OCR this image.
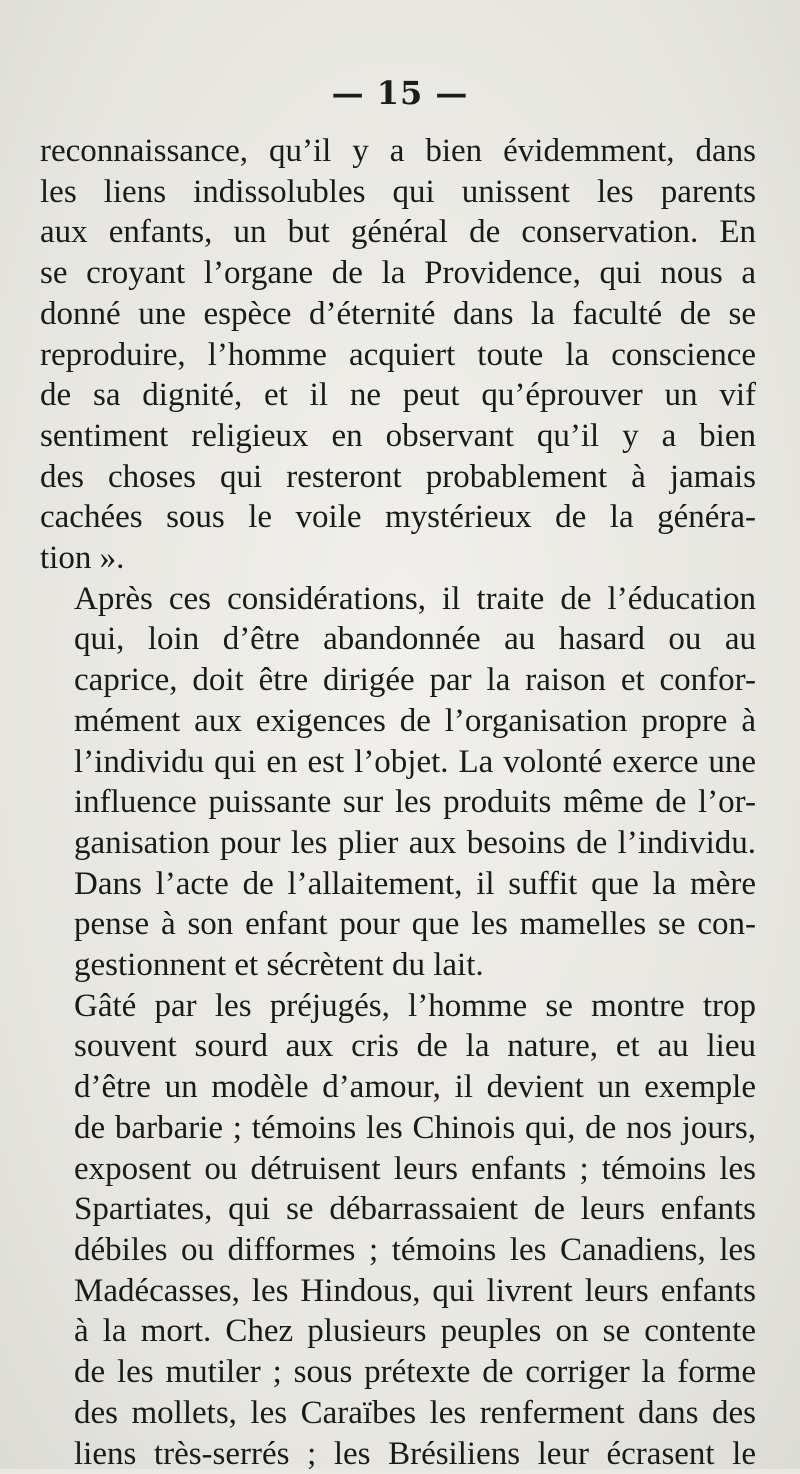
— 15 —

reconnaissance, qu’il y a bien évidemment, dans
les liens indissolubles qui unissent les parents
aux enfants, un but général de conservation. En
se croyant l’organe de la Providence, qui nous a
donné une espèce d’éternité dans la faculté de se
reproduire, l’homme acquiert toute la conscience
de sa dignité, et il ne peut qu’éprouver un vif
sentiment religieux en observant qu’il y a bien
des choses qui resteront probablement à jamais
cachées sous le voile mystérieux de la généra-
tion ».

Après ces considérations, il traite de l’éducation
qui, loin d’être abandonnée au hasard ou au
caprice, doit être dirigée par la raison et confor-
mément aux exigences de l’organisation propre à
l’individu qui en est l’objet. La volonté exerce une
influence puissante sur les produits même de l’or-
ganisation pour les plier aux besoins de l’individu.
Dans l’acte de l’allaitement, il suffit que la mère
pense à son enfant pour que les mamelles se con-
gestionnent et sécrètent du lait.

Gâté par les préjugés, l’homme se montre trop
souvent sourd aux cris de la nature, et au lieu
d’être un modèle d’amour, il devient un exemple
de barbarie ; témoins les Chinois qui, de nos jours,
exposent ou détruisent leurs enfants ; témoins les
Spartiates, qui se débarrassaient de leurs enfants
débiles ou difformes ; témoins les Canadiens, les
Madécasses, les Hindous, qui livrent leurs enfants
à la mort. Chez plusieurs peuples on se contente
de les mutiler ; sous prétexte de corriger la forme
des mollets, les Caraïbes les renferment dans des
liens très-serrés ; les Brésiliens leur écrasent le
